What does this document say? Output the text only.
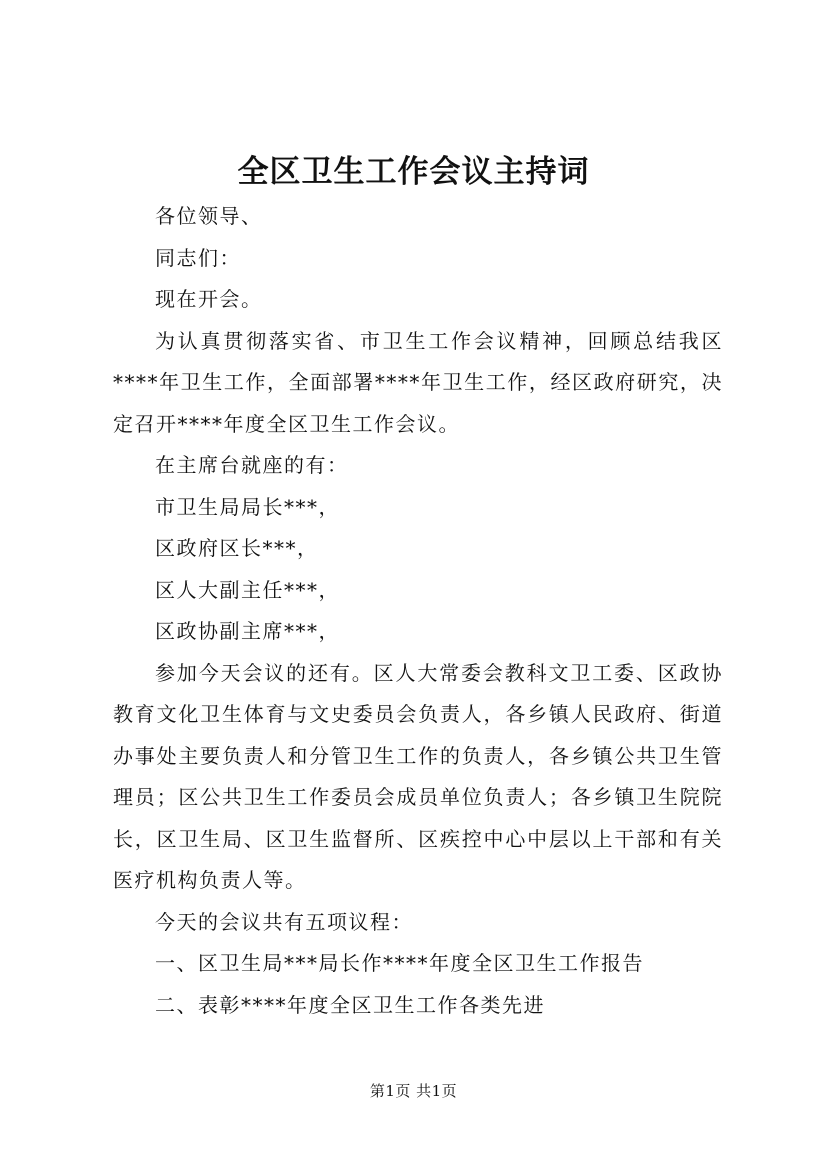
全区卫生工作会议主持词

各位领导、

同志们：

现在开会。

为认真贯彻落实省、市卫生工作会议精神，回顾总结我区****年卫生工作，全面部署****年卫生工作，经区政府研究，决定召开****年度全区卫生工作会议。

在主席台就座的有：

市卫生局局长***，

区政府区长***，

区人大副主任***，

区政协副主席***，

参加今天会议的还有。区人大常委会教科文卫工委、区政协教育文化卫生体育与文史委员会负责人，各乡镇人民政府、街道办事处主要负责人和分管卫生工作的负责人，各乡镇公共卫生管理员；区公共卫生工作委员会成员单位负责人；各乡镇卫生院院长，区卫生局、区卫生监督所、区疾控中心中层以上干部和有关医疗机构负责人等。

今天的会议共有五项议程：

一、区卫生局***局长作****年度全区卫生工作报告

二、表彰****年度全区卫生工作各类先进

第1页 共1页
